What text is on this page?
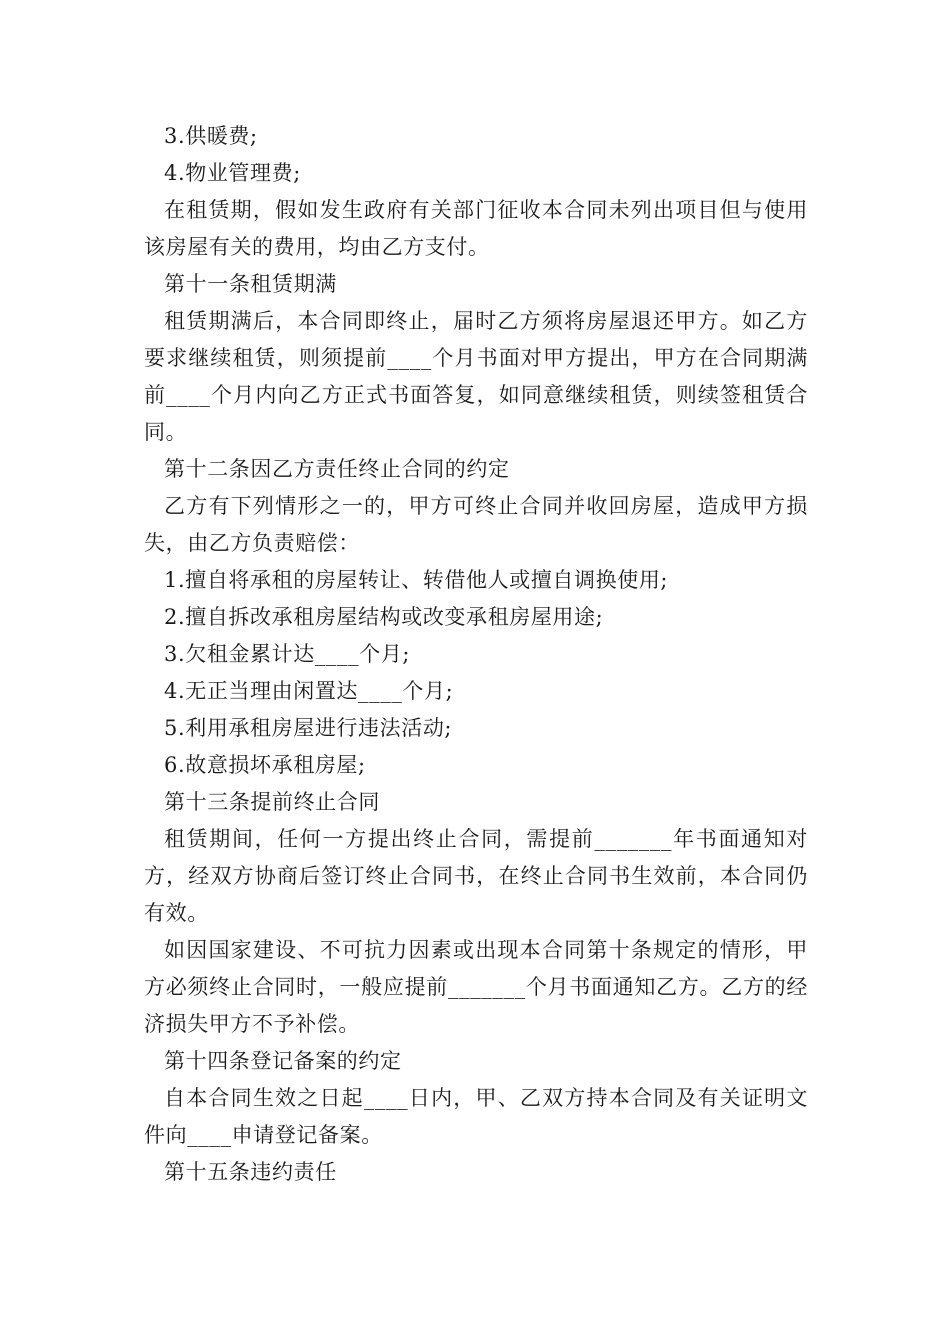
3.供暖费;

4.物业管理费;

在租赁期，假如发生政府有关部门征收本合同未列出项目但与使用该房屋有关的费用，均由乙方支付。

第十一条租赁期满

租赁期满后，本合同即终止，届时乙方须将房屋退还甲方。如乙方要求继续租赁，则须提前____个月书面对甲方提出，甲方在合同期满前____个月内向乙方正式书面答复，如同意继续租赁，则续签租赁合同。

第十二条因乙方责任终止合同的约定

乙方有下列情形之一的，甲方可终止合同并收回房屋，造成甲方损失，由乙方负责赔偿：

1.擅自将承租的房屋转让、转借他人或擅自调换使用;

2.擅自拆改承租房屋结构或改变承租房屋用途;

3.欠租金累计达____个月;

4.无正当理由闲置达____个月;

5.利用承租房屋进行违法活动;

6.故意损坏承租房屋;

第十三条提前终止合同

租赁期间，任何一方提出终止合同，需提前_______年书面通知对方，经双方协商后签订终止合同书，在终止合同书生效前，本合同仍有效。

如因国家建设、不可抗力因素或出现本合同第十条规定的情形，甲方必须终止合同时，一般应提前_______个月书面通知乙方。乙方的经济损失甲方不予补偿。

第十四条登记备案的约定

自本合同生效之日起____日内，甲、乙双方持本合同及有关证明文件向____申请登记备案。

第十五条违约责任
